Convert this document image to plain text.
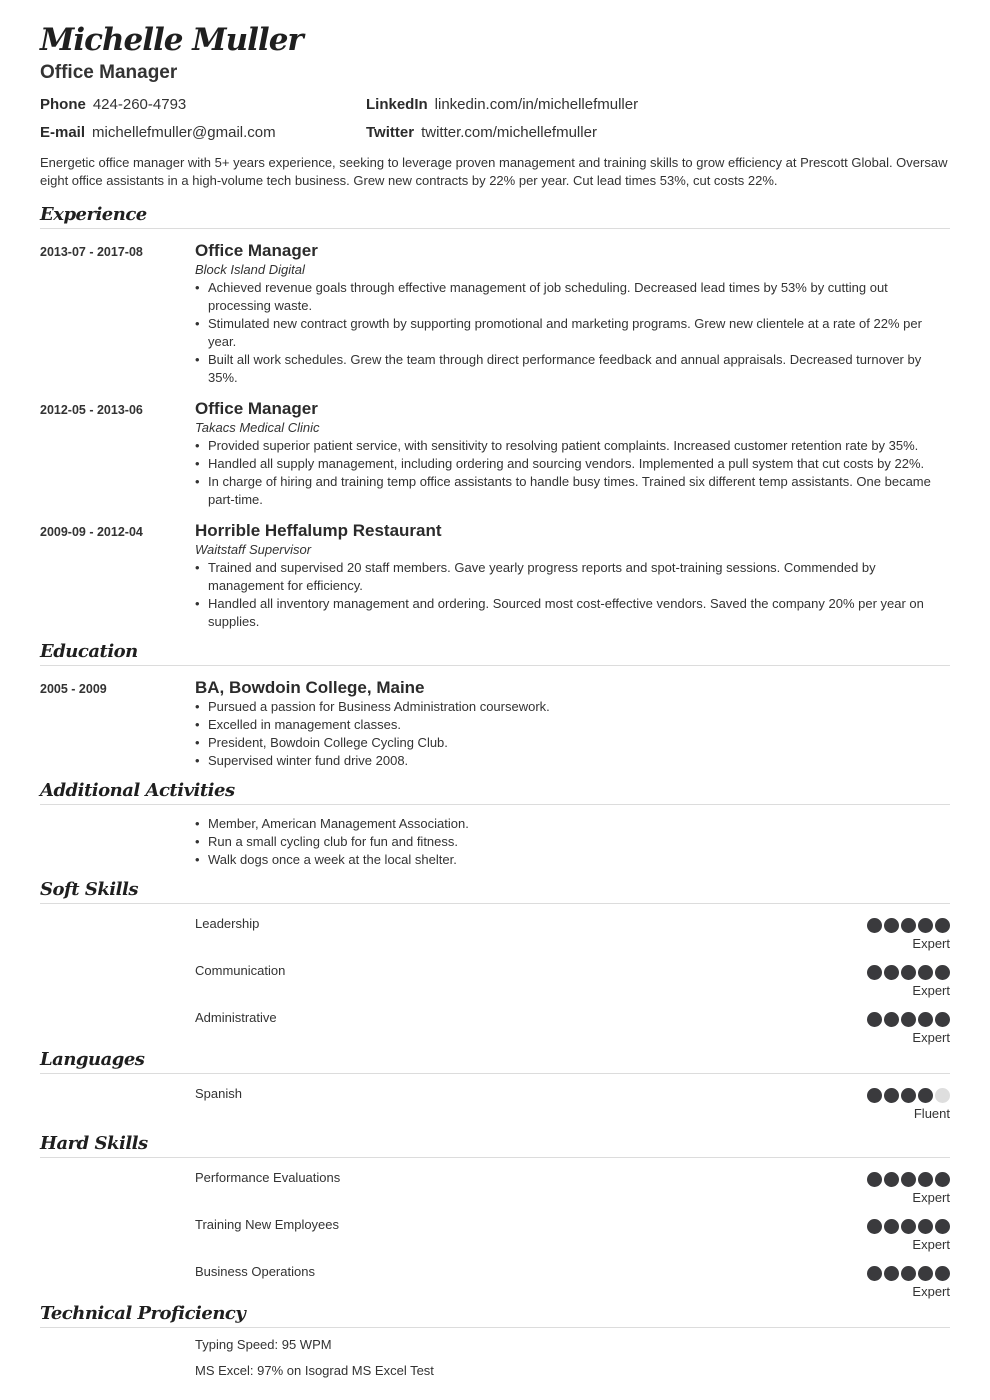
Michelle Muller
Office Manager
Phone 424-260-4793	LinkedIn linkedin.com/in/michellefmuller
E-mail michellefmuller@gmail.com	Twitter twitter.com/michellefmuller

Energetic office manager with 5+ years experience, seeking to leverage proven management and training skills to grow efficiency at Prescott Global. Oversaw eight office assistants in a high-volume tech business. Grew new contracts by 22% per year. Cut lead times 53%, cut costs 22%.

Experience
2013-07 - 2017-08	Office Manager
Block Island Digital
• Achieved revenue goals through effective management of job scheduling. Decreased lead times by 53% by cutting out processing waste.
• Stimulated new contract growth by supporting promotional and marketing programs. Grew new clientele at a rate of 22% per year.
• Built all work schedules. Grew the team through direct performance feedback and annual appraisals. Decreased turnover by 35%.
2012-05 - 2013-06	Office Manager
Takacs Medical Clinic
• Provided superior patient service, with sensitivity to resolving patient complaints. Increased customer retention rate by 35%.
• Handled all supply management, including ordering and sourcing vendors. Implemented a pull system that cut costs by 22%.
• In charge of hiring and training temp office assistants to handle busy times. Trained six different temp assistants. One became part-time.
2009-09 - 2012-04	Horrible Heffalump Restaurant
Waitstaff Supervisor
• Trained and supervised 20 staff members. Gave yearly progress reports and spot-training sessions. Commended by management for efficiency.
• Handled all inventory management and ordering. Sourced most cost-effective vendors. Saved the company 20% per year on supplies.
Education
2005 - 2009	BA, Bowdoin College, Maine
• Pursued a passion for Business Administration coursework.
• Excelled in management classes.
• President, Bowdoin College Cycling Club.
• Supervised winter fund drive 2008.
Additional Activities
• Member, American Management Association.
• Run a small cycling club for fun and fitness.
• Walk dogs once a week at the local shelter.
Soft Skills
Leadership
Expert
Communication
Expert
Administrative
Expert
Languages
Spanish
Fluent
Hard Skills
Performance Evaluations
Expert
Training New Employees
Expert
Business Operations
Expert
Technical Proficiency
Typing Speed: 95 WPM
MS Excel: 97% on Isograd MS Excel Test
